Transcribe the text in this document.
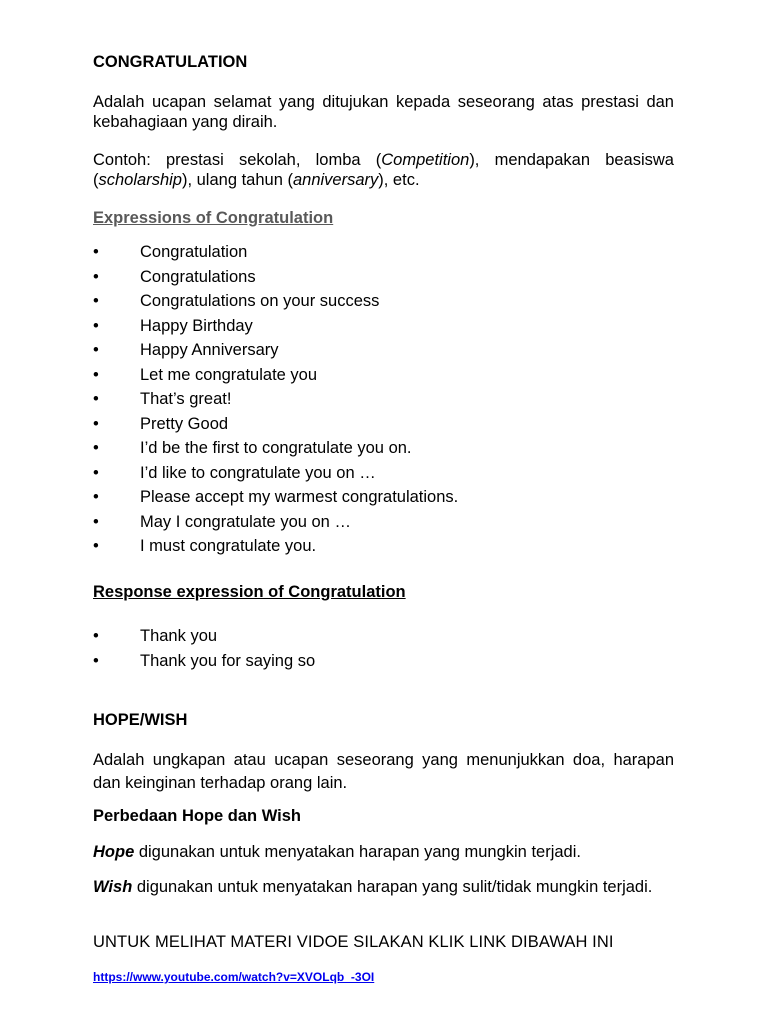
CONGRATULATION
Adalah ucapan selamat yang ditujukan kepada seseorang atas prestasi dan kebahagiaan yang diraih.
Contoh: prestasi sekolah, lomba (Competition), mendapakan beasiswa (scholarship), ulang tahun (anniversary), etc.
Expressions of Congratulation
•	Congratulation
•	Congratulations
•	Congratulations on your success
•	Happy Birthday
•	Happy Anniversary
•	Let me congratulate you
•	That’s great!
•	Pretty Good
•	I’d be the first to congratulate you on.
•	I’d like to congratulate you on …
•	Please accept my warmest congratulations.
•	May I congratulate you on …
•	I must congratulate you.
Response expression of Congratulation
•	Thank you
•	Thank you for saying so
HOPE/WISH
Adalah ungkapan atau ucapan seseorang yang menunjukkan doa, harapan dan keinginan terhadap orang lain.
Perbedaan Hope dan Wish
Hope digunakan untuk menyatakan harapan yang mungkin terjadi.
Wish digunakan untuk menyatakan harapan yang sulit/tidak mungkin terjadi.
UNTUK MELIHAT MATERI VIDOE SILAKAN KLIK LINK DIBAWAH INI
https://www.youtube.com/watch?v=XVOLqb_-3OI
